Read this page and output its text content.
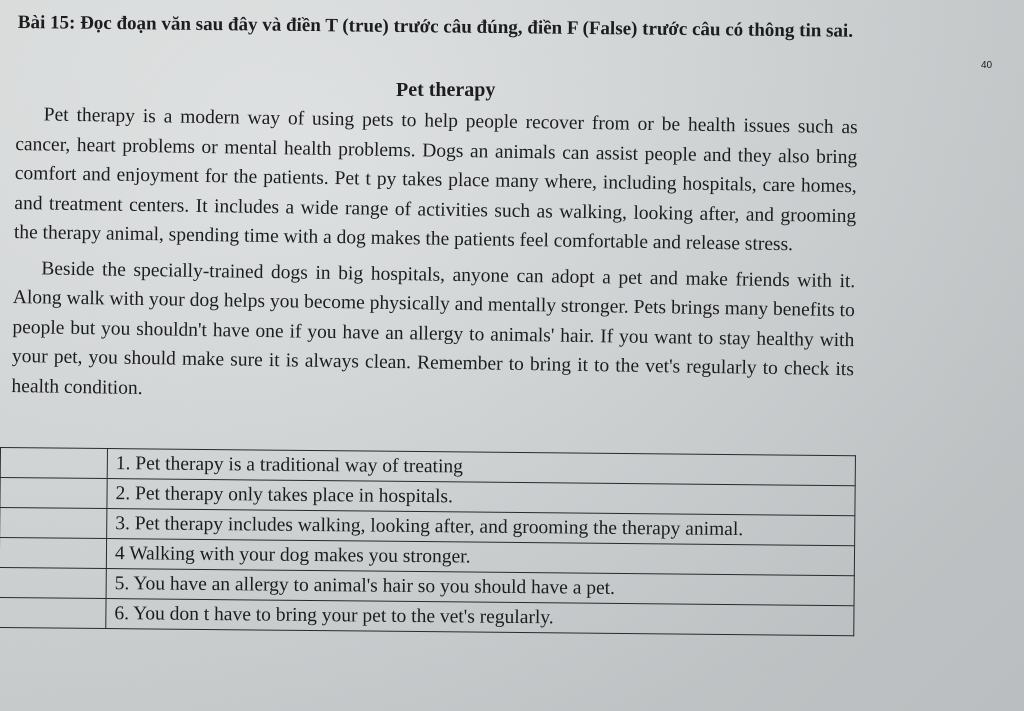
Bài 15: Đọc đoạn văn sau đây và điền T (true) trước câu đúng, điền F (False) trước câu có thông tin sai.
40
Pet therapy

Pet therapy is a modern way of using pets to help people recover from or be health issues such as cancer, heart problems or mental health problems. Dogs an animals can assist people and they also bring comfort and enjoyment for the patients. Pet t py takes place many where, including hospitals, care homes, and treatment centers. It includes a wide range of activities such as walking, looking after, and grooming the therapy animal, spending time with a dog makes the patients feel comfortable and release stress.

Beside the specially-trained dogs in big hospitals, anyone can adopt a pet and make friends with it. Along walk with your dog helps you become physically and mentally stronger. Pets brings many benefits to people but you shouldn't have one if you have an allergy to animals' hair. If you want to stay healthy with your pet, you should make sure it is always clean. Remember to bring it to the vet's regularly to check its health condition.

	1. Pet therapy is a traditional way of treating
	2. Pet therapy only takes place in hospitals.
	3. Pet therapy includes walking, looking after, and grooming the therapy animal.
	4 Walking with your dog makes you stronger.
	5. You have an allergy to animal's hair so you should have a pet.
	6. You don t have to bring your pet to the vet's regularly.
